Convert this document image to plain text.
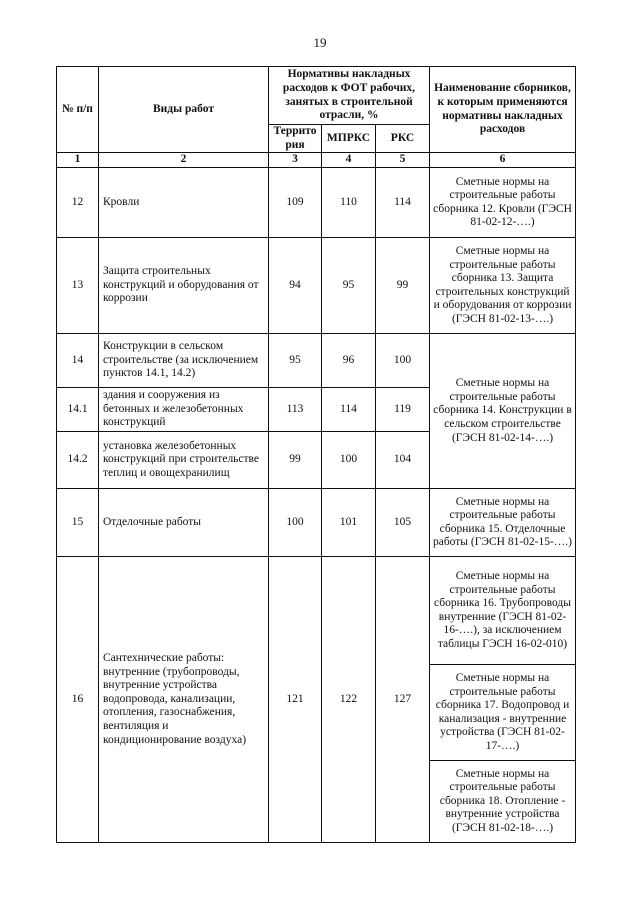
19
№ п/п	Виды работ	Нормативы накладных расходов к ФОТ рабочих, занятых в строительной отрасли, %			Наименование сборников, к которым применяются нормативы накладных расходов
		Террито рия	МПРКС	РКС	
1	2	3	4	5	6
12	Кровли	109	110	114	Сметные нормы на строительные работы сборника 12. Кровли (ГЭСН 81-02-12-….)
13	Защита строительных конструкций и оборудования от коррозии	94	95	99	Сметные нормы на строительные работы сборника 13. Защита строительных конструкций и оборудования от коррозии (ГЭСН 81-02-13-….)
14	Конструкции в сельском строительстве (за исключением пунктов 14.1, 14.2)	95	96	100	Сметные нормы на строительные работы сборника 14. Конструкции в сельском строительстве (ГЭСН 81-02-14-….)
14.1	здания и сооружения из бетонных и железобетонных конструкций	113	114	119	
14.2	установка железобетонных конструкций при строительстве теплиц и овощехранилищ	99	100	104	
15	Отделочные работы	100	101	105	Сметные нормы на строительные работы сборника 15. Отделочные работы (ГЭСН 81-02-15-….)
16	Сантехнические работы: внутренние (трубопроводы, внутренние устройства водопровода, канализации, отопления, газоснабжения, вентиляция и кондиционирование воздуха)	121	122	127	Сметные нормы на строительные работы сборника 16. Трубопроводы внутренние (ГЭСН 81-02-16-….), за исключением таблицы ГЭСН 16-02-010)
					Сметные нормы на строительные работы сборника 17. Водопровод и канализация - внутренние устройства (ГЭСН 81-02-17-….)
					Сметные нормы на строительные работы сборника 18. Отопление - внутренние устройства (ГЭСН 81-02-18-….)
